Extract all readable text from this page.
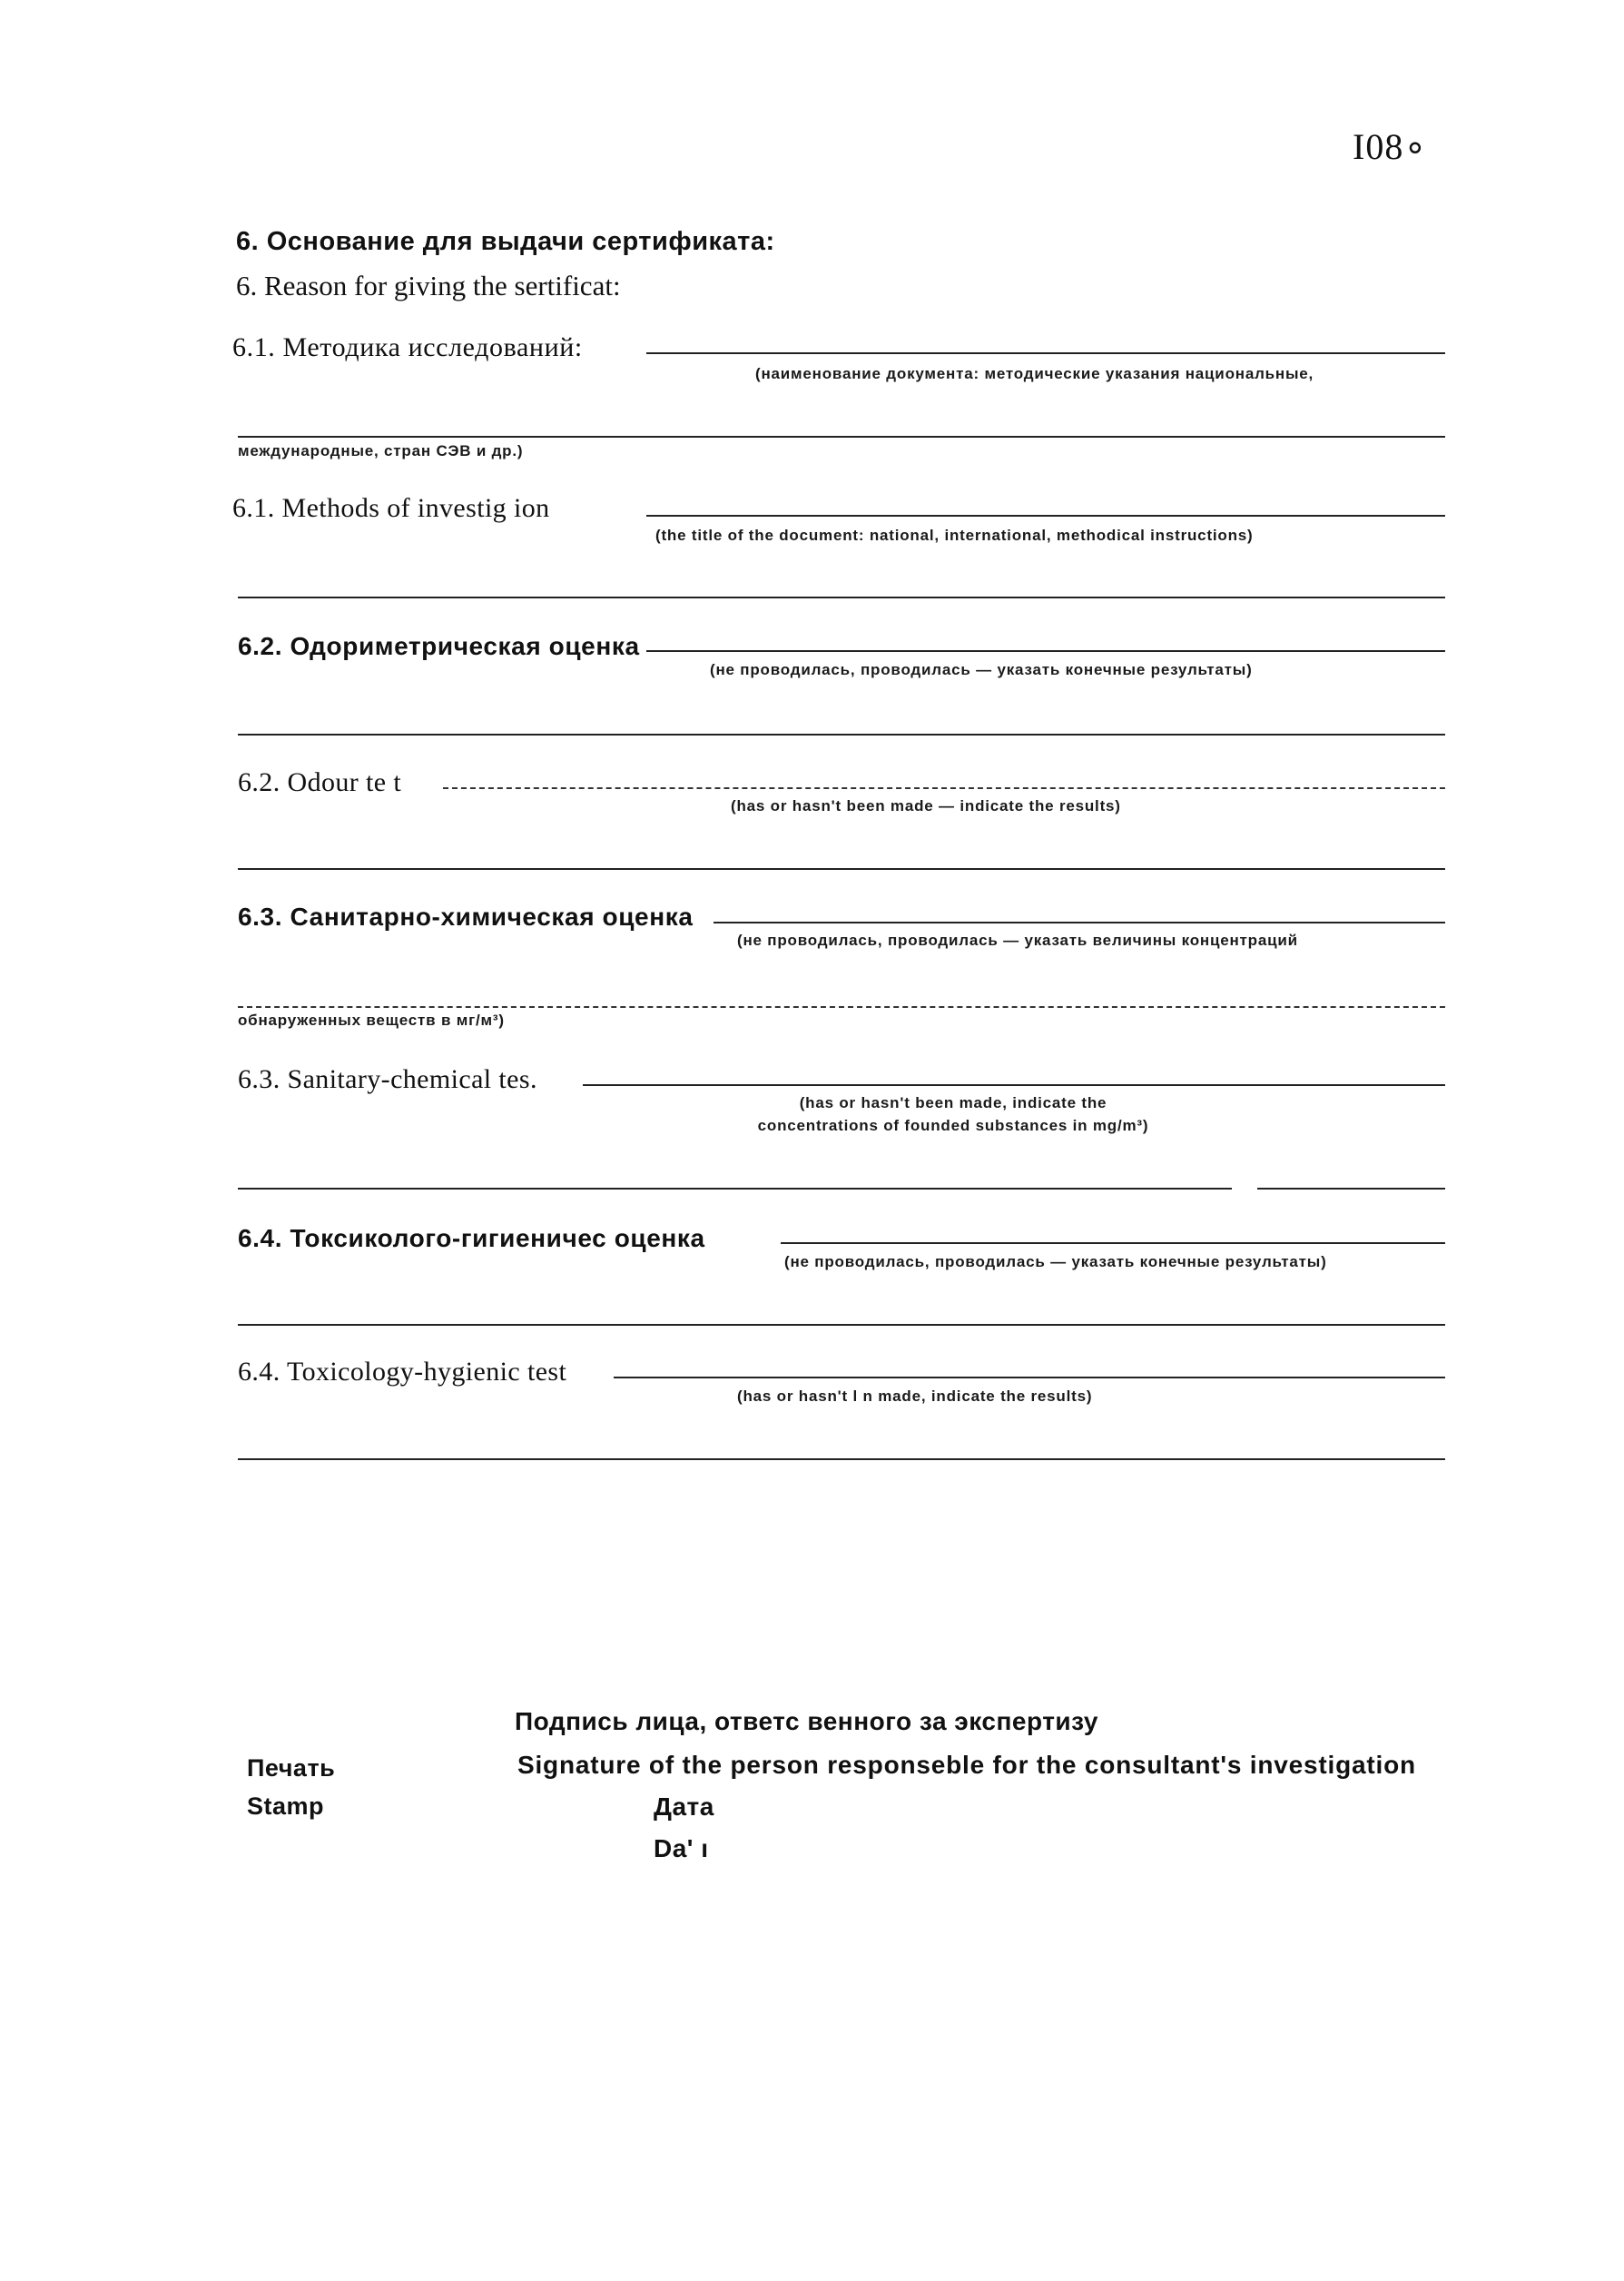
I08∘
6. Основание для выдачи сертификата:
6. Reason for giving the sertificat:
6.1. Методика исследований:
(наименование документа: методические указания национальные,
международные, стран СЭВ и др.)
6.1. Methods of investig ion
(the title of the document: national, international, methodical instructions)
6.2. Одориметрическая оценка
(не проводилась, проводилась — указать конечные результаты)
6.2. Odour te t
(has or hasn't been made — indicate the results)
6.3. Санитарно-химическая оценка
(не проводилась, проводилась — указать величины концентраций
обнаруженных веществ в мг/м³)
6.3. Sanitary-chemical tes.
(has or hasn't been made, indicate the
concentrations of founded substances in mg/m³)
6.4. Токсиколого-гигиеничес оценка
(не проводилась, проводилась — указать конечные результаты)
6.4. Toxicology-hygienic test
(has or hasn't l n made, indicate the results)
Подпись лица, ответс венного за экспертизу
Печать	Signature of the person responseble for the consultant's investigation
Stamp	Дата
Da' ı
